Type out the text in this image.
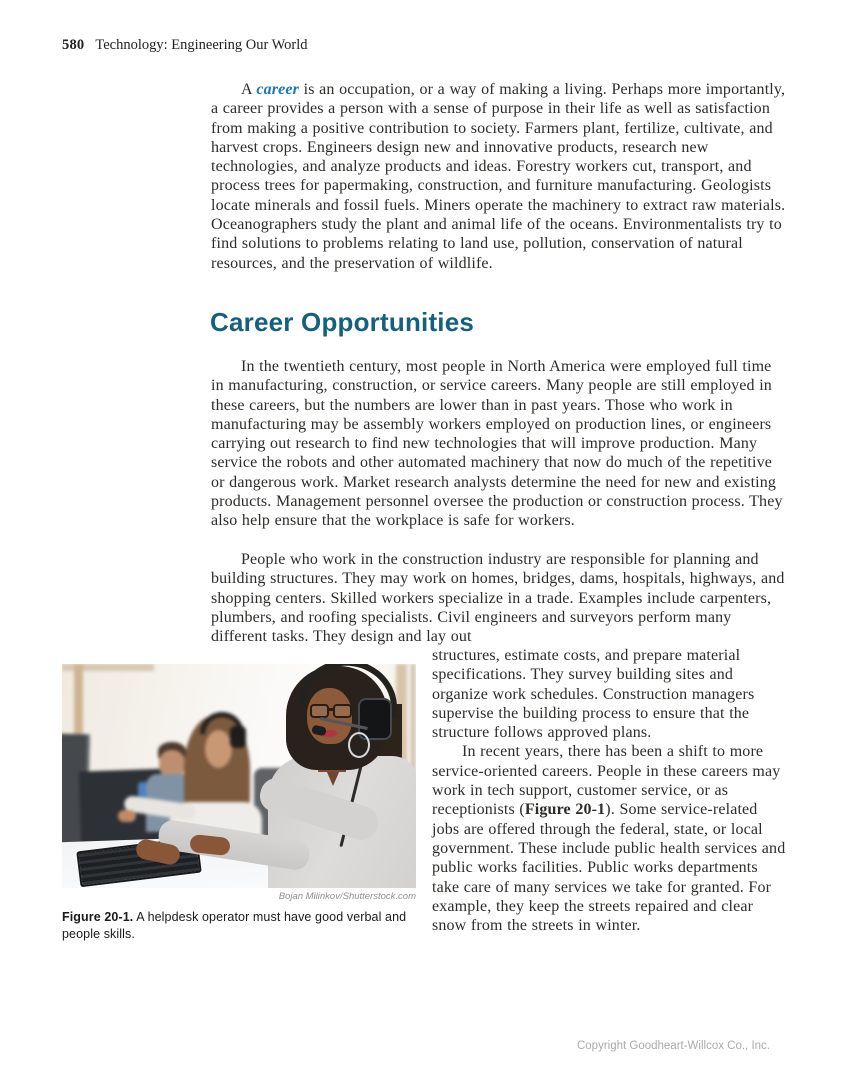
580 Technology: Engineering Our World

A career is an occupation, or a way of making a living. Perhaps more importantly, a career provides a person with a sense of purpose in their life as well as satisfaction from making a positive contribution to society. Farmers plant, fertilize, cultivate, and harvest crops. Engineers design new and innovative products, research new technologies, and analyze products and ideas. Forestry workers cut, transport, and process trees for papermaking, construction, and furniture manufacturing. Geologists locate minerals and fossil fuels. Miners operate the machinery to extract raw materials. Oceanographers study the plant and animal life of the oceans. Environmentalists try to find solutions to problems relating to land use, pollution, conservation of natural resources, and the preservation of wildlife.

Career Opportunities

In the twentieth century, most people in North America were employed full time in manufacturing, construction, or service careers. Many people are still employed in these careers, but the numbers are lower than in past years. Those who work in manufacturing may be assembly workers employed on production lines, or engineers carrying out research to find new technologies that will improve production. Many service the robots and other automated machinery that now do much of the repetitive or dangerous work. Market research analysts determine the need for new and existing products. Management personnel oversee the production or construction process. They also help ensure that the workplace is safe for workers.

People who work in the construction industry are responsible for planning and building structures. They may work on homes, bridges, dams, hospitals, highways, and shopping centers. Skilled workers specialize in a trade. Examples include carpenters, plumbers, and roofing specialists. Civil engineers and surveyors perform many different tasks. They design and lay out

structures, estimate costs, and prepare material specifications. They survey building sites and organize work schedules. Construction managers supervise the building process to ensure that the structure follows approved plans.

In recent years, there has been a shift to more service-oriented careers. People in these careers may work in tech support, customer service, or as receptionists (Figure 20-1). Some service-related jobs are offered through the federal, state, or local government. These include public health services and public works facilities. Public works departments take care of many services we take for granted. For example, they keep the streets repaired and clear snow from the streets in winter.

Bojan Milinkov/Shutterstock.com
Figure 20-1. A helpdesk operator must have good verbal and people skills.
Copyright Goodheart-Willcox Co., Inc.
